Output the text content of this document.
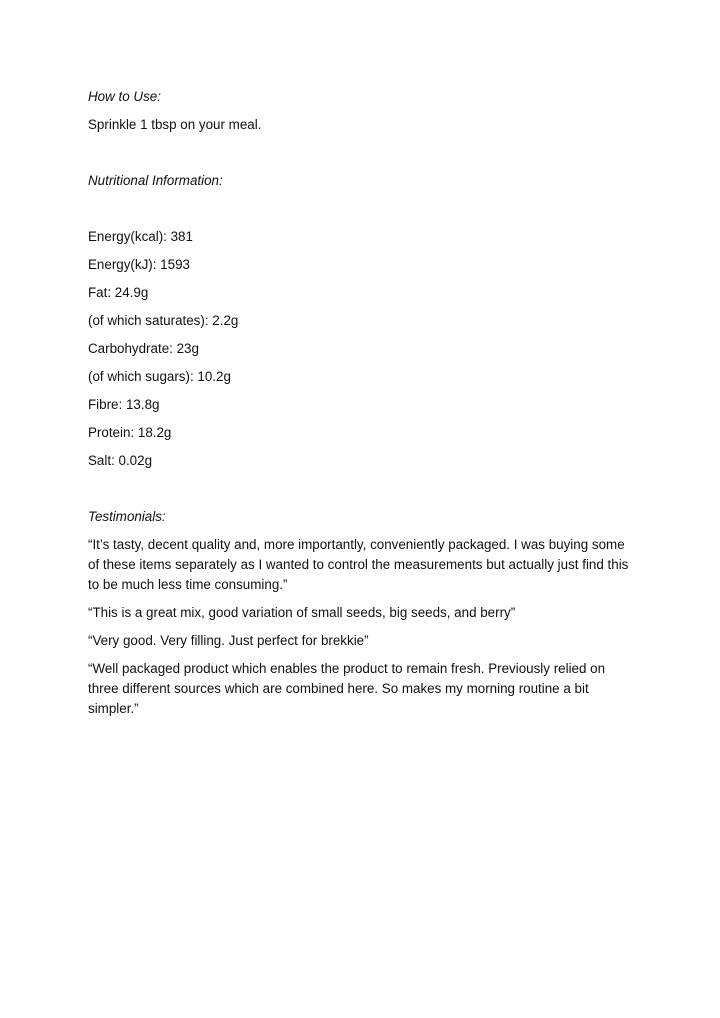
How to Use:

Sprinkle 1 tbsp on your meal.

Nutritional Information:
Energy(kcal): 381
Energy(kJ): 1593
Fat: 24.9g
(of which saturates): 2.2g
Carbohydrate: 23g
(of which sugars): 10.2g
Fibre: 13.8g
Protein: 18.2g
Salt: 0.02g
Testimonials:

“It’s tasty, decent quality and, more importantly, conveniently packaged. I was buying some of these items separately as I wanted to control the measurements but actually just find this to be much less time consuming.”

“This is a great mix, good variation of small seeds, big seeds, and berry”

“Very good. Very filling. Just perfect for brekkie”

“Well packaged product which enables the product to remain fresh. Previously relied on three different sources which are combined here. So makes my morning routine a bit simpler.”
